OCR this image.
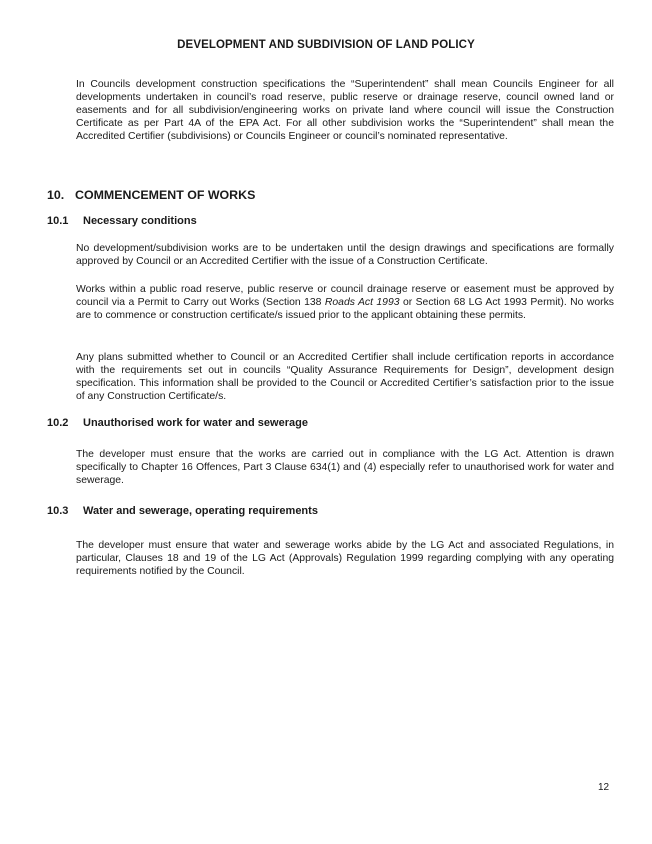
DEVELOPMENT AND SUBDIVISION OF LAND POLICY

In Councils development construction specifications the “Superintendent” shall mean Councils Engineer for all developments undertaken in council’s road reserve, public reserve or drainage reserve, council owned land or easements and for all subdivision/engineering works on private land where council will issue the Construction Certificate as per Part 4A of the EPA Act. For all other subdivision works the “Superintendent” shall mean the Accredited Certifier (subdivisions) or Councils Engineer or council’s nominated representative.

10. COMMENCEMENT OF WORKS
10.1 Necessary conditions

No development/subdivision works are to be undertaken until the design drawings and specifications are formally approved by Council or an Accredited Certifier with the issue of a Construction Certificate.

Works within a public road reserve, public reserve or council drainage reserve or easement must be approved by council via a Permit to Carry out Works (Section 138 Roads Act 1993 or Section 68 LG Act 1993 Permit). No works are to commence or construction certificate/s issued prior to the applicant obtaining these permits.

Any plans submitted whether to Council or an Accredited Certifier shall include certification reports in accordance with the requirements set out in councils “Quality Assurance Requirements for Design”, development design specification. This information shall be provided to the Council or Accredited Certifier’s satisfaction prior to the issue of any Construction Certificate/s.

10.2 Unauthorised work for water and sewerage

The developer must ensure that the works are carried out in compliance with the LG Act. Attention is drawn specifically to Chapter 16 Offences, Part 3 Clause 634(1) and (4) especially refer to unauthorised work for water and sewerage.

10.3 Water and sewerage, operating requirements

The developer must ensure that water and sewerage works abide by the LG Act and associated Regulations, in particular, Clauses 18 and 19 of the LG Act (Approvals) Regulation 1999 regarding complying with any operating requirements notified by the Council.

12
